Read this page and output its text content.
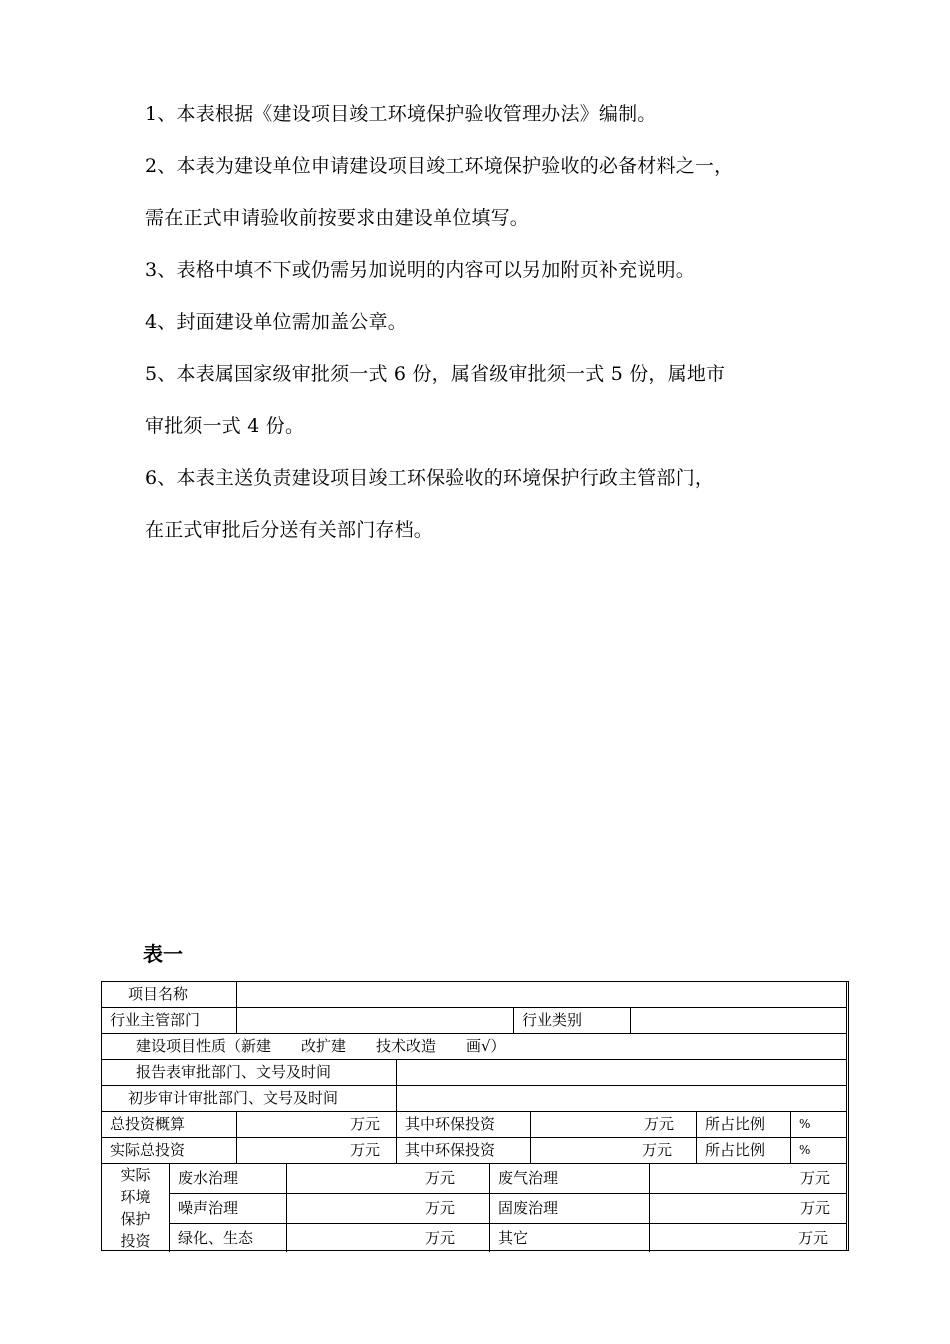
1、本表根据《建设项目竣工环境保护验收管理办法》编制。
2、本表为建设单位申请建设项目竣工环境保护验收的必备材料之一，
需在正式申请验收前按要求由建设单位填写。
3、表格中填不下或仍需另加说明的内容可以另加附页补充说明。
4、封面建设单位需加盖公章。
5、本表属国家级审批须一式 6 份，属省级审批须一式 5 份，属地市
审批须一式 4 份。
6、本表主送负责建设项目竣工环保验收的环境保护行政主管部门，
在正式审批后分送有关部门存档。
表一
项目名称
行业主管部门	行业类别
建设项目性质（新建　　改扩建　　技术改造　　画√）
报告表审批部门、文号及时间
初步审计审批部门、文号及时间
总投资概算	万元	其中环保投资	万元	所占比例	%
实际总投资	万元	其中环保投资	万元	所占比例	%
实际
环境
保护
投资
废水治理	万元	废气治理	万元
噪声治理	万元	固废治理	万元
绿化、生态	万元	其它	万元
